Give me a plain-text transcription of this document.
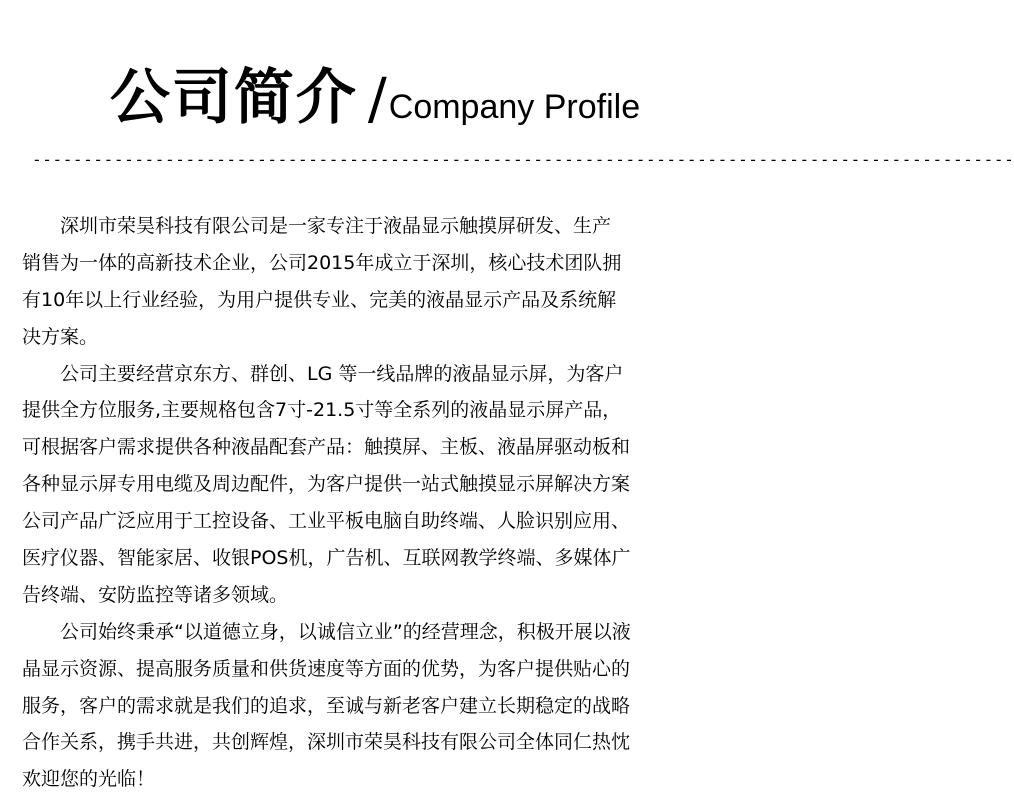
公司简介 /Company Profile
------------------------------------------------------------------------------------------------
深圳市荣昊科技有限公司是一家专注于液晶显示触摸屏研发、生产
销售为一体的高新技术企业，公司2015年成立于深圳，核心技术团队拥
有10年以上行业经验，为用户提供专业、完美的液晶显示产品及系统解
决方案。
公司主要经营京东方、群创、LG 等一线品牌的液晶显示屏，为客户
提供全方位服务,主要规格包含7寸-21.5寸等全系列的液晶显示屏产品，
可根据客户需求提供各种液晶配套产品：触摸屏、主板、液晶屏驱动板和
各种显示屏专用电缆及周边配件，为客户提供一站式触摸显示屏解决方案
公司产品广泛应用于工控设备、工业平板电脑自助终端、人脸识别应用、
医疗仪器、智能家居、收银POS机，广告机、互联网教学终端、多媒体广
告终端、安防监控等诸多领域。
公司始终秉承“以道德立身，以诚信立业”的经营理念，积极开展以液
晶显示资源、提高服务质量和供货速度等方面的优势，为客户提供贴心的
服务，客户的需求就是我们的追求，至诚与新老客户建立长期稳定的战略
合作关系，携手共进，共创辉煌，深圳市荣昊科技有限公司全体同仁热忱
欢迎您的光临！
